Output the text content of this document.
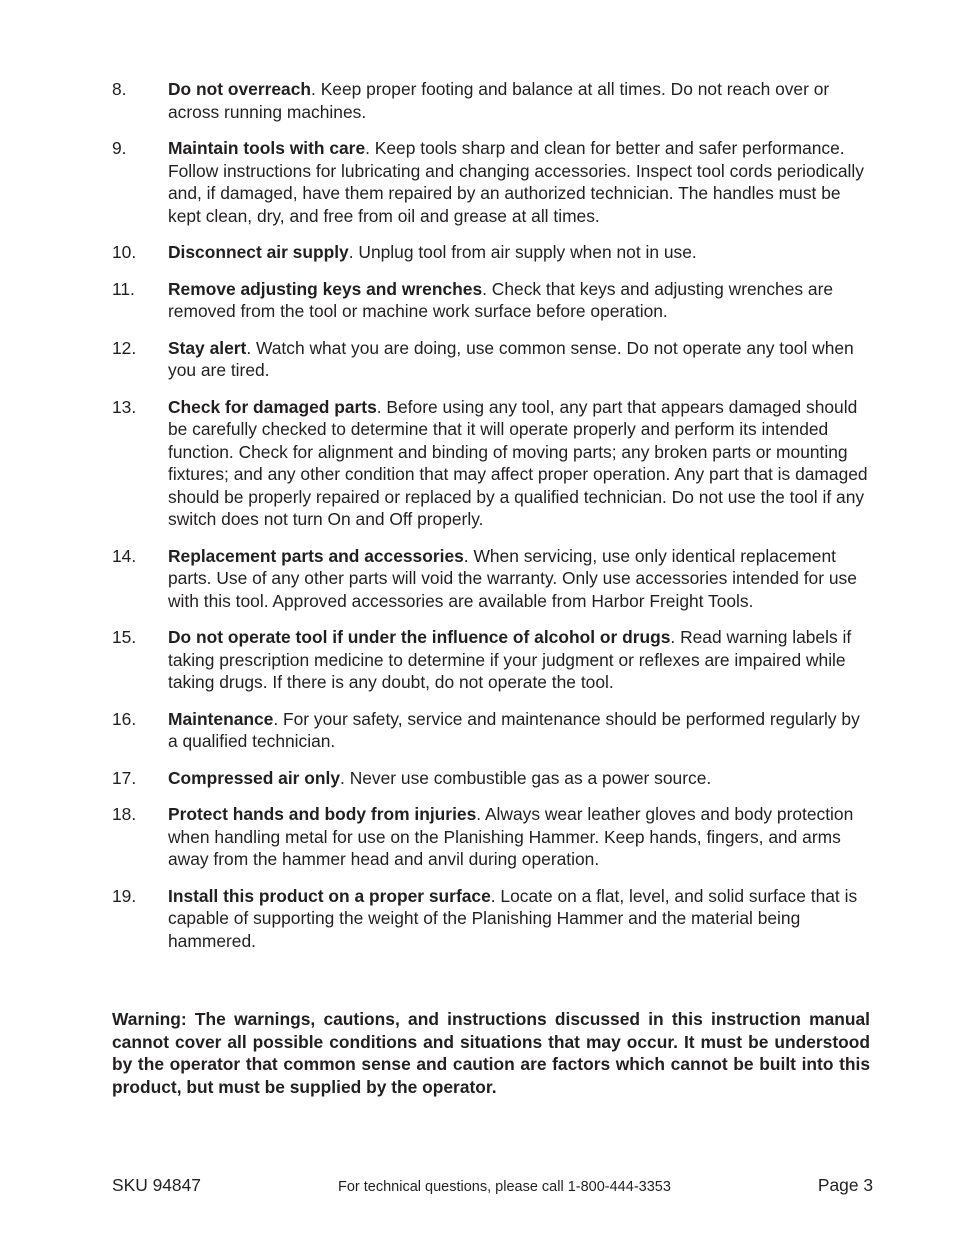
8.	Do not overreach. Keep proper footing and balance at all times. Do not reach over or across running machines.
9.	Maintain tools with care. Keep tools sharp and clean for better and safer performance. Follow instructions for lubricating and changing accessories. Inspect tool cords periodically and, if damaged, have them repaired by an authorized technician. The handles must be kept clean, dry, and free from oil and grease at all times.
10.	Disconnect air supply. Unplug tool from air supply when not in use.
11.	Remove adjusting keys and wrenches. Check that keys and adjusting wrenches are removed from the tool or machine work surface before operation.
12.	Stay alert. Watch what you are doing, use common sense. Do not operate any tool when you are tired.
13.	Check for damaged parts. Before using any tool, any part that appears damaged should be carefully checked to determine that it will operate properly and perform its intended function. Check for alignment and binding of moving parts; any broken parts or mounting fixtures; and any other condition that may affect proper operation. Any part that is damaged should be properly repaired or replaced by a qualified technician. Do not use the tool if any switch does not turn On and Off properly.
14.	Replacement parts and accessories. When servicing, use only identical replacement parts. Use of any other parts will void the warranty. Only use accessories intended for use with this tool. Approved accessories are available from Harbor Freight Tools.
15.	Do not operate tool if under the influence of alcohol or drugs. Read warning labels if taking prescription medicine to determine if your judgment or reflexes are impaired while taking drugs. If there is any doubt, do not operate the tool.
16.	Maintenance. For your safety, service and maintenance should be performed regularly by a qualified technician.
17.	Compressed air only. Never use combustible gas as a power source.
18.	Protect hands and body from injuries. Always wear leather gloves and body protection when handling metal for use on the Planishing Hammer. Keep hands, fingers, and arms away from the hammer head and anvil during operation.
19.	Install this product on a proper surface. Locate on a flat, level, and solid surface that is capable of supporting the weight of the Planishing Hammer and the material being hammered.

Warning: The warnings, cautions, and instructions discussed in this instruction manual cannot cover all possible conditions and situations that may occur. It must be understood by the operator that common sense and caution are factors which cannot be built into this product, but must be supplied by the operator.

SKU 94847	For technical questions, please call 1-800-444-3353	Page 3
